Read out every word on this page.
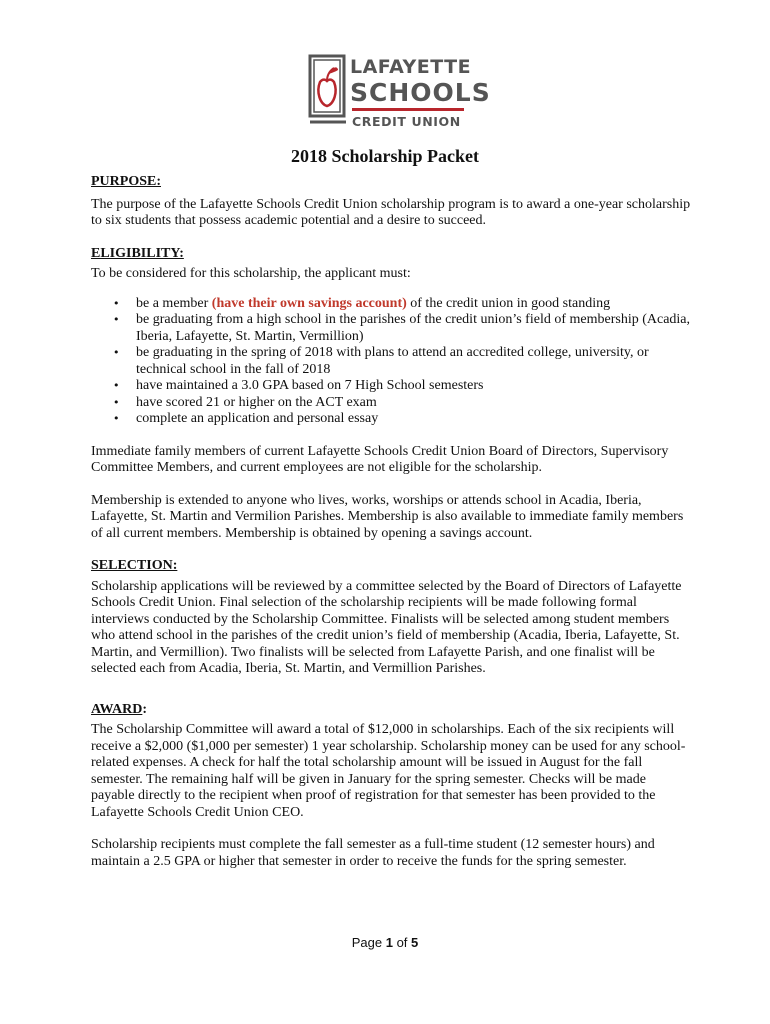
LAFAYETTE
SCHOOLS
CREDIT UNION
2018 Scholarship Packet

PURPOSE:

The purpose of the Lafayette Schools Credit Union scholarship program is to award a one-year scholarship to six students that possess academic potential and a desire to succeed.

ELIGIBILITY:

To be considered for this scholarship, the applicant must:

• be a member (have their own savings account) of the credit union in good standing
• be graduating from a high school in the parishes of the credit union’s field of membership (Acadia, Iberia, Lafayette, St. Martin, Vermillion)
• be graduating in the spring of 2018 with plans to attend an accredited college, university, or technical school in the fall of 2018
• have maintained a 3.0 GPA based on 7 High School semesters
• have scored 21 or higher on the ACT exam
• complete an application and personal essay

Immediate family members of current Lafayette Schools Credit Union Board of Directors, Supervisory Committee Members, and current employees are not eligible for the scholarship.

Membership is extended to anyone who lives, works, worships or attends school in Acadia, Iberia, Lafayette, St. Martin and Vermilion Parishes. Membership is also available to immediate family members of all current members. Membership is obtained by opening a savings account.

SELECTION:

Scholarship applications will be reviewed by a committee selected by the Board of Directors of Lafayette Schools Credit Union. Final selection of the scholarship recipients will be made following formal interviews conducted by the Scholarship Committee. Finalists will be selected among student members who attend school in the parishes of the credit union’s field of membership (Acadia, Iberia, Lafayette, St. Martin, and Vermillion). Two finalists will be selected from Lafayette Parish, and one finalist will be selected each from Acadia, Iberia, St. Martin, and Vermillion Parishes.

AWARD:

The Scholarship Committee will award a total of $12,000 in scholarships. Each of the six recipients will receive a $2,000 ($1,000 per semester) 1 year scholarship. Scholarship money can be used for any school-related expenses. A check for half the total scholarship amount will be issued in August for the fall semester. The remaining half will be given in January for the spring semester. Checks will be made payable directly to the recipient when proof of registration for that semester has been provided to the Lafayette Schools Credit Union CEO.

Scholarship recipients must complete the fall semester as a full-time student (12 semester hours) and maintain a 2.5 GPA or higher that semester in order to receive the funds for the spring semester.

Page 1 of 5
